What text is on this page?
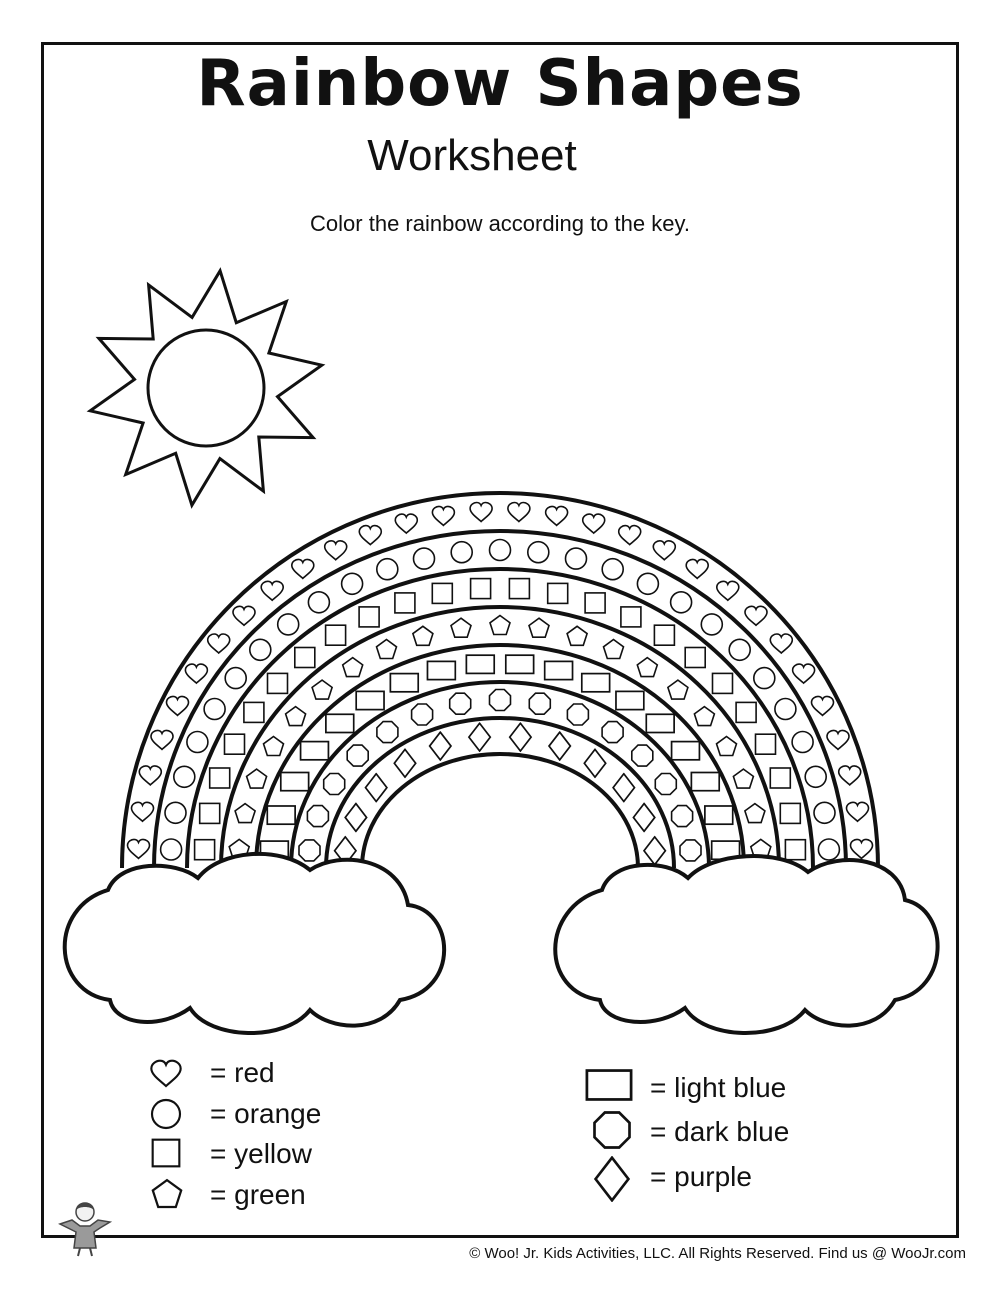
Rainbow Shapes
Worksheet
Color the rainbow according to the key.
= red
= orange
= yellow
= green
= light blue
= dark blue
= purple
© Woo! Jr. Kids Activities, LLC. All Rights Reserved. Find us @ WooJr.com
